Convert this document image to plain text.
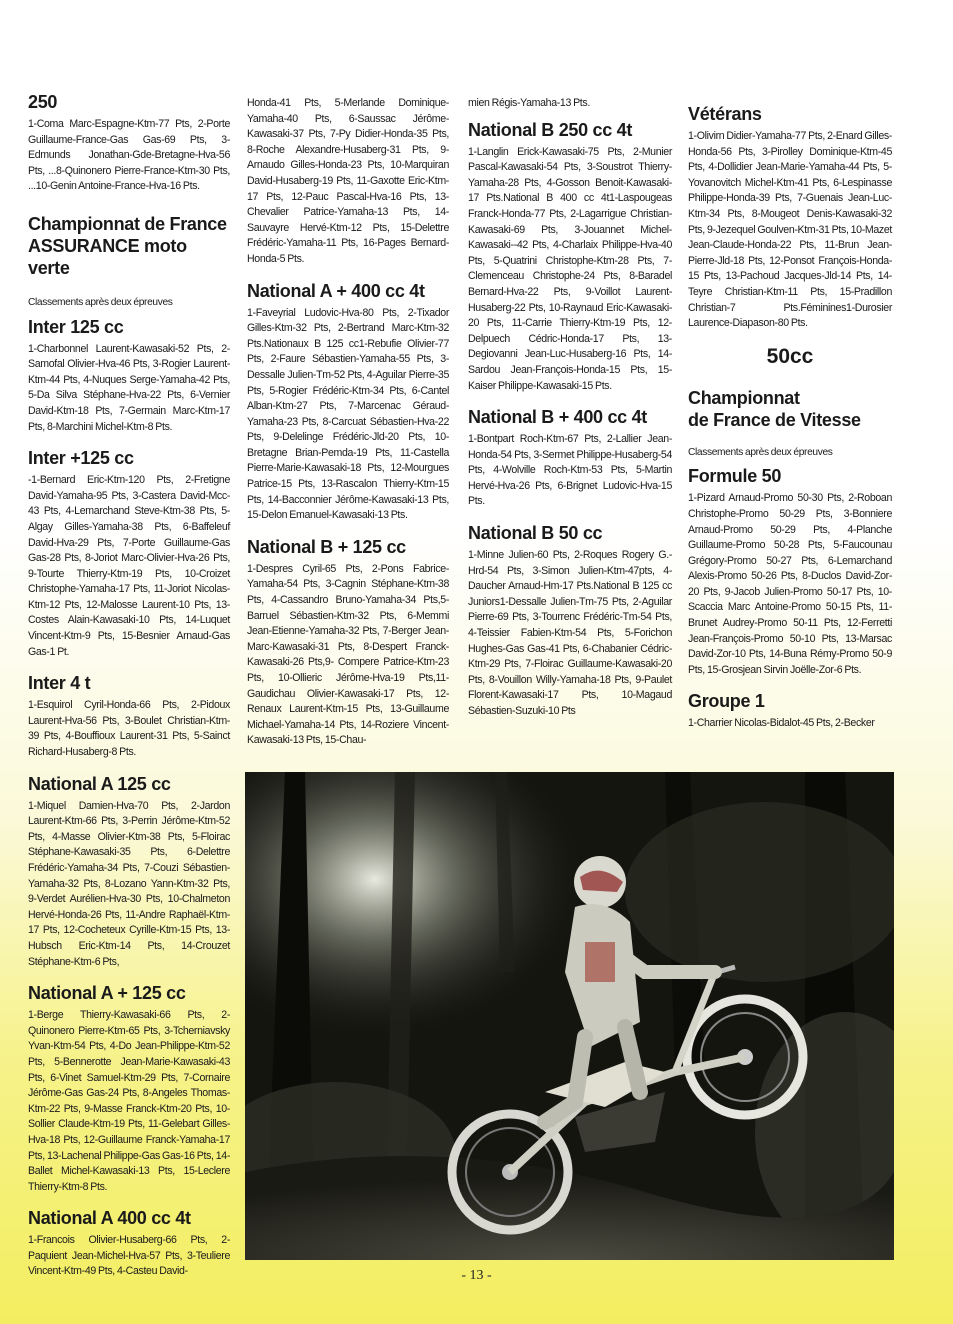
250

1-Coma Marc-Espagne-Ktm-77 Pts, 2-Porte Guillaume-France-Gas Gas-69 Pts, 3-Edmunds Jonathan-Gde-Bretagne-Hva-56 Pts, ...8-Quinonero Pierre-France-Ktm-30 Pts, ...10-Genin Antoine-France-Hva-16 Pts.

Championnat de France
ASSURANCE moto verte

Classements après deux épreuves

Inter 125 cc

1-Charbonnel Laurent-Kawasaki-52 Pts, 2-Samofal Olivier-Hva-46 Pts, 3-Rogier Laurent-Ktm-44 Pts, 4-Nuques Serge-Yamaha-42 Pts, 5-Da Silva Stéphane-Hva-22 Pts, 6-Vernier David-Ktm-18 Pts, 7-Germain Marc-Ktm-17 Pts, 8-Marchini Michel-Ktm-8 Pts.

Inter +125 cc

-1-Bernard Eric-Ktm-120 Pts, 2-Fretigne David-Yamaha-95 Pts, 3-Castera David-Mcc-43 Pts, 4-Lemarchand Steve-Ktm-38 Pts, 5-Algay Gilles-Yamaha-38 Pts, 6-Baffeleuf David-Hva-29 Pts, 7-Porte Guillaume-Gas Gas-28 Pts, 8-Joriot Marc-Olivier-Hva-26 Pts, 9-Tourte Thierry-Ktm-19 Pts, 10-Croizet Christophe-Yamaha-17 Pts, 11-Joriot Nicolas-Ktm-12 Pts, 12-Malosse Laurent-10 Pts, 13-Costes Alain-Kawasaki-10 Pts, 14-Luquet Vincent-Ktm-9 Pts, 15-Besnier Arnaud-Gas Gas-1 Pt.

Inter 4 t

1-Esquirol Cyril-Honda-66 Pts, 2-Pidoux Laurent-Hva-56 Pts, 3-Boulet Christian-Ktm-39 Pts, 4-Bouffioux Laurent-31 Pts, 5-Sainct Richard-Husaberg-8 Pts.

National A 125 cc

1-Miquel Damien-Hva-70 Pts, 2-Jardon Laurent-Ktm-66 Pts, 3-Perrin Jérôme-Ktm-52 Pts, 4-Masse Olivier-Ktm-38 Pts, 5-Floirac Stéphane-Kawasaki-35 Pts, 6-Delettre Frédéric-Yamaha-34 Pts, 7-Couzi Sébastien-Yamaha-32 Pts, 8-Lozano Yann-Ktm-32 Pts, 9-Verdet Aurélien-Hva-30 Pts, 10-Chalmeton Hervé-Honda-26 Pts, 11-Andre Raphaël-Ktm-17 Pts, 12-Cocheteux Cyrille-Ktm-15 Pts, 13-Hubsch Eric-Ktm-14 Pts, 14-Crouzet Stéphane-Ktm-6 Pts,

National A + 125 cc

1-Berge Thierry-Kawasaki-66 Pts, 2-Quinonero Pierre-Ktm-65 Pts, 3-Tcherniavsky Yvan-Ktm-54 Pts, 4-Do Jean-Philippe-Ktm-52 Pts, 5-Bennerotte Jean-Marie-Kawasaki-43 Pts, 6-Vinet Samuel-Ktm-29 Pts, 7-Cornaire Jérôme-Gas Gas-24 Pts, 8-Angeles Thomas-Ktm-22 Pts, 9-Masse Franck-Ktm-20 Pts, 10-Sollier Claude-Ktm-19 Pts, 11-Gelebart Gilles-Hva-18 Pts, 12-Guillaume Franck-Yamaha-17 Pts, 13-Lachenal Philippe-Gas Gas-16 Pts, 14-Ballet Michel-Kawasaki-13 Pts, 15-Leclere Thierry-Ktm-8 Pts.

National A 400 cc 4t

1-Francois Olivier-Husaberg-66 Pts, 2-Paquient Jean-Michel-Hva-57 Pts, 3-Teuliere Vincent-Ktm-49 Pts, 4-Casteu David-

Honda-41 Pts, 5-Merlande Dominique-Yamaha-40 Pts, 6-Saussac Jérôme-Kawasaki-37 Pts, 7-Py Didier-Honda-35 Pts, 8-Roche Alexandre-Husaberg-31 Pts, 9-Arnaudo Gilles-Honda-23 Pts, 10-Marquiran David-Husaberg-19 Pts, 11-Gaxotte Eric-Ktm-17 Pts, 12-Pauc Pascal-Hva-16 Pts, 13-Chevalier Patrice-Yamaha-13 Pts, 14-Sauvayre Hervé-Ktm-12 Pts, 15-Delettre Frédéric-Yamaha-11 Pts, 16-Pages Bernard-Honda-5 Pts.

National A + 400 cc 4t

1-Faveyrial Ludovic-Hva-80 Pts, 2-Tixador Gilles-Ktm-32 Pts, 2-Bertrand Marc-Ktm-32 Pts.Nationaux B 125 cc1-Rebufie Olivier-77 Pts, 2-Faure Sébastien-Yamaha-55 Pts, 3-Dessalle Julien-Tm-52 Pts, 4-Aguilar Pierre-35 Pts, 5-Rogier Frédéric-Ktm-34 Pts, 6-Cantel Alban-Ktm-27 Pts, 7-Marcenac Géraud-Yamaha-23 Pts, 8-Carcuat Sébastien-Hva-22 Pts, 9-Delelinge Frédéric-Jld-20 Pts, 10-Bretagne Brian-Pemda-19 Pts, 11-Castella Pierre-Marie-Kawasaki-18 Pts, 12-Mourgues Patrice-15 Pts, 13-Rascalon Thierry-Ktm-15 Pts, 14-Bacconnier Jérôme-Kawasaki-13 Pts, 15-Delon Emanuel-Kawasaki-13 Pts.

National B + 125 cc

1-Despres Cyril-65 Pts, 2-Pons Fabrice-Yamaha-54 Pts, 3-Cagnin Stéphane-Ktm-38 Pts, 4-Cassandro Bruno-Yamaha-34 Pts,5-Barruel Sébastien-Ktm-32 Pts, 6-Memmi Jean-Etienne-Yamaha-32 Pts, 7-Berger Jean-Marc-Kawasaki-31 Pts, 8-Despert Franck-Kawasaki-26 Pts,9- Compere Patrice-Ktm-23 Pts, 10-Ollieric Jérôme-Hva-19 Pts,11-Gaudichau Olivier-Kawasaki-17 Pts, 12-Renaux Laurent-Ktm-15 Pts, 13-Guillaume Michael-Yamaha-14 Pts, 14-Roziere Vincent-Kawasaki-13 Pts, 15-Chau-

mien Régis-Yamaha-13 Pts.

National B 250 cc 4t

1-Langlin Erick-Kawasaki-75 Pts, 2-Munier Pascal-Kawasaki-54 Pts, 3-Soustrot Thierry-Yamaha-28 Pts, 4-Gosson Benoit-Kawasaki-17 Pts.National B 400 cc 4t1-Laspougeas Franck-Honda-77 Pts, 2-Lagarrigue Christian-Kawasaki-69 Pts, 3-Jouannet Michel-Kawasaki--42 Pts, 4-Charlaix Philippe-Hva-40 Pts, 5-Quatrini Christophe-Ktm-28 Pts, 7-Clemenceau Christophe-24 Pts, 8-Baradel Bernard-Hva-22 Pts, 9-Voillot Laurent-Husaberg-22 Pts, 10-Raynaud Eric-Kawasaki-20 Pts, 11-Carrie Thierry-Ktm-19 Pts, 12-Delpuech Cédric-Honda-17 Pts, 13-Degiovanni Jean-Luc-Husaberg-16 Pts, 14-Sardou Jean-François-Honda-15 Pts, 15-Kaiser Philippe-Kawasaki-15 Pts.

National B + 400 cc 4t

1-Bontpart Roch-Ktm-67 Pts, 2-Lallier Jean-Honda-54 Pts, 3-Sermet Philippe-Husaberg-54 Pts, 4-Wolville Roch-Ktm-53 Pts, 5-Martin Hervé-Hva-26 Pts, 6-Brignet Ludovic-Hva-15 Pts.

National B 50 cc

1-Minne Julien-60 Pts, 2-Roques Rogery G.-Hrd-54 Pts, 3-Simon Julien-Ktm-47pts, 4-Daucher Arnaud-Hm-17 Pts.National B 125 cc Juniors1-Dessalle Julien-Tm-75 Pts, 2-Aguilar Pierre-69 Pts, 3-Tourrenc Frédéric-Tm-54 Pts, 4-Teissier Fabien-Ktm-54 Pts, 5-Forichon Hughes-Gas Gas-41 Pts, 6-Chabanier Cédric-Ktm-29 Pts, 7-Floirac Guillaume-Kawasaki-20 Pts, 8-Vouillon Willy-Yamaha-18 Pts, 9-Paulet Florent-Kawasaki-17 Pts, 10-Magaud Sébastien-Suzuki-10 Pts

Vétérans

1-Olivirn Didier-Yamaha-77 Pts, 2-Enard Gilles-Honda-56 Pts, 3-Pirolley Dominique-Ktm-45 Pts, 4-Dollidier Jean-Marie-Yamaha-44 Pts, 5-Yovanovitch Michel-Ktm-41 Pts, 6-Lespinasse Philippe-Honda-39 Pts, 7-Guenais Jean-Luc-Ktm-34 Pts, 8-Mougeot Denis-Kawasaki-32 Pts, 9-Jezequel Goulven-Ktm-31 Pts, 10-Mazet Jean-Claude-Honda-22 Pts, 11-Brun Jean-Pierre-Jld-18 Pts, 12-Ponsot François-Honda-15 Pts, 13-Pachoud Jacques-Jld-14 Pts, 14-Teyre Christian-Ktm-11 Pts, 15-Pradillon Christian-7 Pts.Féminines1-Durosier Laurence-Diapason-80 Pts.

50cc
Championnat
de France de Vitesse

Classements après deux épreuves

Formule 50

1-Pizard Arnaud-Promo 50-30 Pts, 2-Roboan Christophe-Promo 50-29 Pts, 3-Bonniere Arnaud-Promo 50-29 Pts, 4-Planche Guillaume-Promo 50-28 Pts, 5-Faucounau Grégory-Promo 50-27 Pts, 6-Lemarchand Alexis-Promo 50-26 Pts, 8-Duclos David-Zor-20 Pts, 9-Jacob Julien-Promo 50-17 Pts, 10-Scaccia Marc Antoine-Promo 50-15 Pts, 11-Brunet Audrey-Promo 50-11 Pts, 12-Ferretti Jean-François-Promo 50-10 Pts, 13-Marsac David-Zor-10 Pts, 14-Buna Rémy-Promo 50-9 Pts, 15-Grosjean Sirvin Joëlle-Zor-6 Pts.

Groupe 1

1-Charrier Nicolas-Bidalot-45 Pts, 2-Becker

- 13 -
